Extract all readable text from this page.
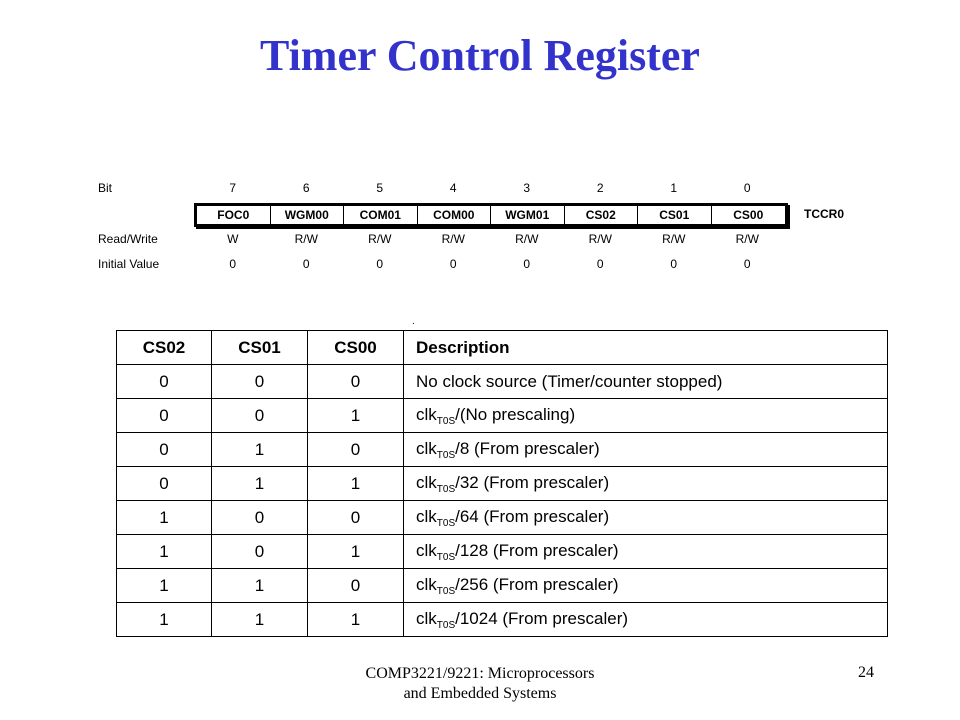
Timer Control Register
Bit	7	6	5	4	3	2	1	0
FOC0	WGM00	COM01	COM00	WGM01	CS02	CS01	CS00	TCCR0
Read/Write	W	R/W	R/W	R/W	R/W	R/W	R/W	R/W
Initial Value	0	0	0	0	0	0	0	0
.
CS02	CS01	CS00	Description
0	0	0	No clock source (Timer/counter stopped)
0	0	1	clk$_{T0S}$/(No prescaling)
0	1	0	clk$_{T0S}$/8 (From prescaler)
0	1	1	clk$_{T0S}$/32 (From prescaler)
1	0	0	clk$_{T0S}$/64 (From prescaler)
1	0	1	clk$_{T0S}$/128 (From prescaler)
1	1	0	clk$_{T0S}$/256 (From prescaler)
1	1	1	clk$_{T0S}$/1024 (From prescaler)
COMP3221/9221: Microprocessors
and Embedded Systems
24
